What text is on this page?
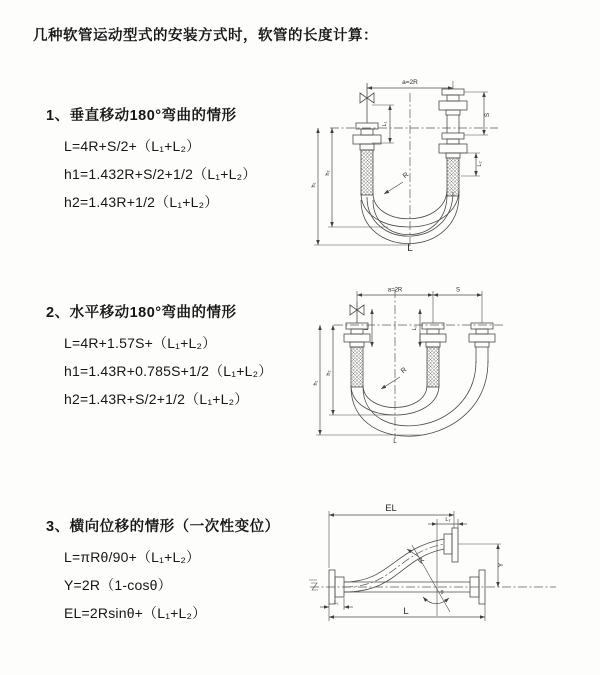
几种软管运动型式的安装方式时，软管的长度计算：

1、垂直移动180°弯曲的情形

L=4R+S/2+（L₁+L₂）
h1=1.432R+S/2+1/2（L₁+L₂）
h2=1.43R+1/2（L₁+L₂）
a=2R
S
L₂
L₁
h₁
h₂	R
L

2、水平移动180°弯曲的情形

L=4R+1.57S+（L₁+L₂）
h1=1.43R+0.785S+1/2（L₁+L₂）
h2=1.43R+S/2+1/2（L₁+L₂）
a=2R	S
L₁	L₂
R
h₁
h₂
L

3、横向位移的情形（一次性变位）

L=πRθ/90+（L₁+L₂）
Y=2R（1-cosθ）
EL=2Rsinθ+（L₁+L₂）
θ
R
EL
L₂
Y
L
L₁
